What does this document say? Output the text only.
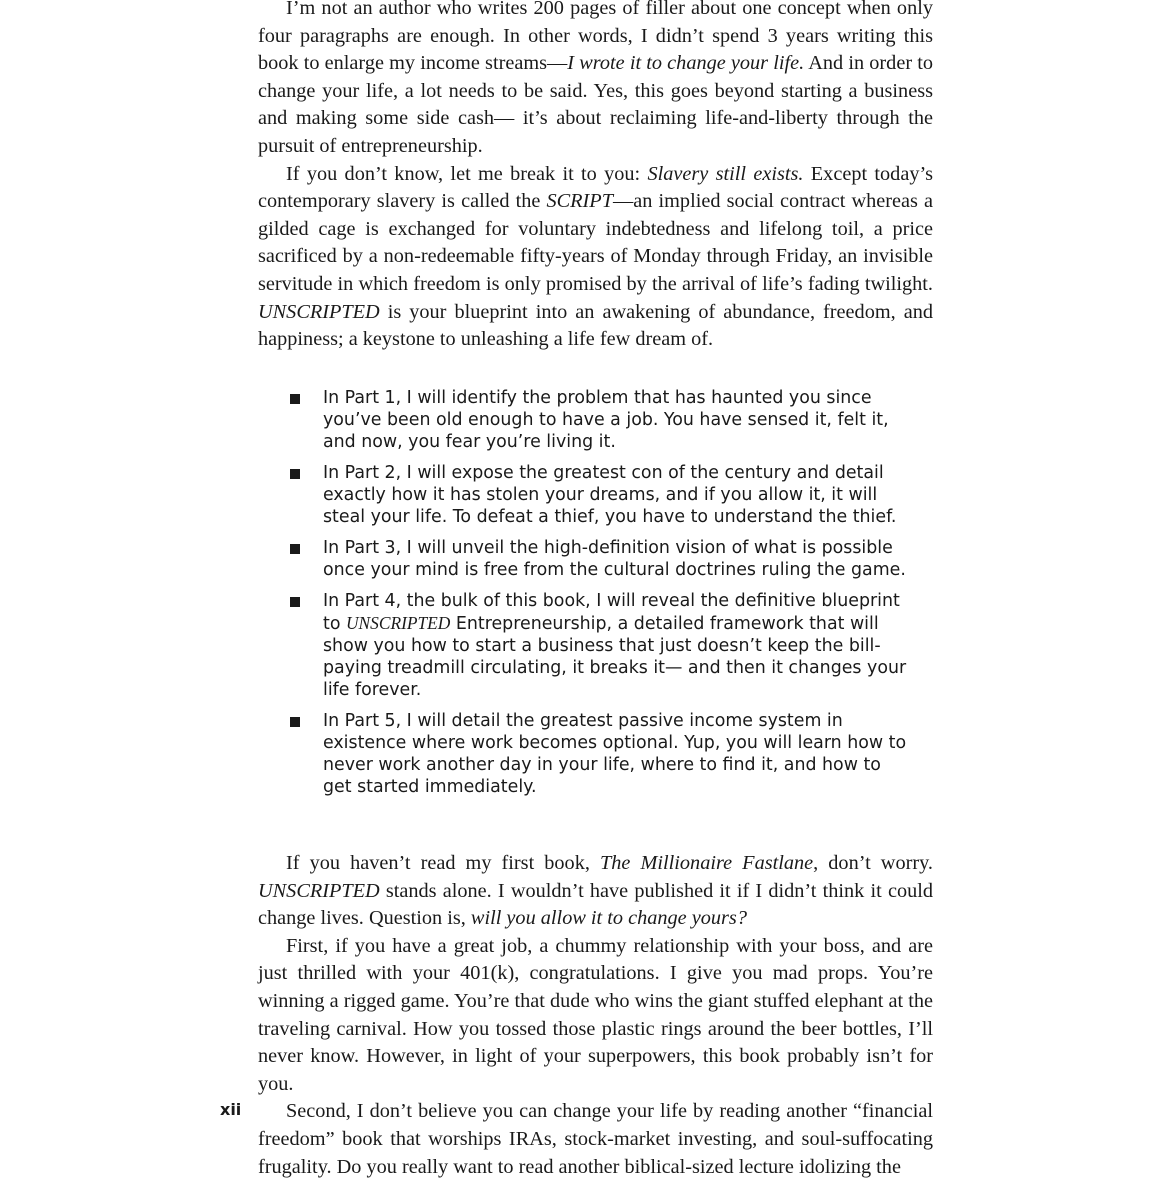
I’m not an author who writes 200 pages of filler about one concept when only four paragraphs are enough. In other words, I didn’t spend 3 years writing this book to enlarge my income streams—I wrote it to change your life. And in order to change your life, a lot needs to be said. Yes, this goes beyond starting a business and making some side cash— it’s about reclaiming life-and-liberty through the pursuit of entrepreneurship.

If you don’t know, let me break it to you: Slavery still exists. Except today’s contemporary slavery is called the SCRIPT—an implied social contract whereas a gilded cage is exchanged for voluntary indebtedness and lifelong toil, a price sacrificed by a non-redeemable fifty-years of Monday through Friday, an invisible servitude in which freedom is only promised by the arrival of life’s fading twilight. UNSCRIPTED is your blueprint into an awakening of abundance, freedom, and happiness; a keystone to unleashing a life few dream of.

In Part 1, I will identify the problem that has haunted you since you’ve been old enough to have a job. You have sensed it, felt it, and now, you fear you’re living it.
In Part 2, I will expose the greatest con of the century and detail exactly how it has stolen your dreams, and if you allow it, it will steal your life. To defeat a thief, you have to understand the thief.
In Part 3, I will unveil the high-definition vision of what is possible once your mind is free from the cultural doctrines ruling the game.
In Part 4, the bulk of this book, I will reveal the definitive blueprint to UNSCRIPTED Entrepreneurship, a detailed framework that will show you how to start a business that just doesn’t keep the bill-paying treadmill circulating, it breaks it— and then it changes your life forever.
In Part 5, I will detail the greatest passive income system in existence where work becomes optional. Yup, you will learn how to never work another day in your life, where to find it, and how to get started immediately.

If you haven’t read my first book, The Millionaire Fastlane, don’t worry. UNSCRIPTED stands alone. I wouldn’t have published it if I didn’t think it could change lives. Question is, will you allow it to change yours?

First, if you have a great job, a chummy relationship with your boss, and are just thrilled with your 401(k), congratulations. I give you mad props. You’re winning a rigged game. You’re that dude who wins the giant stuffed elephant at the traveling carnival. How you tossed those plastic rings around the beer bottles, I’ll never know. However, in light of your superpowers, this book probably isn’t for you.

Second, I don’t believe you can change your life by reading another “financial freedom” book that worships IRAs, stock-market investing, and soul-suffocating frugality. Do you really want to read another biblical-sized lecture idolizing the

xii
